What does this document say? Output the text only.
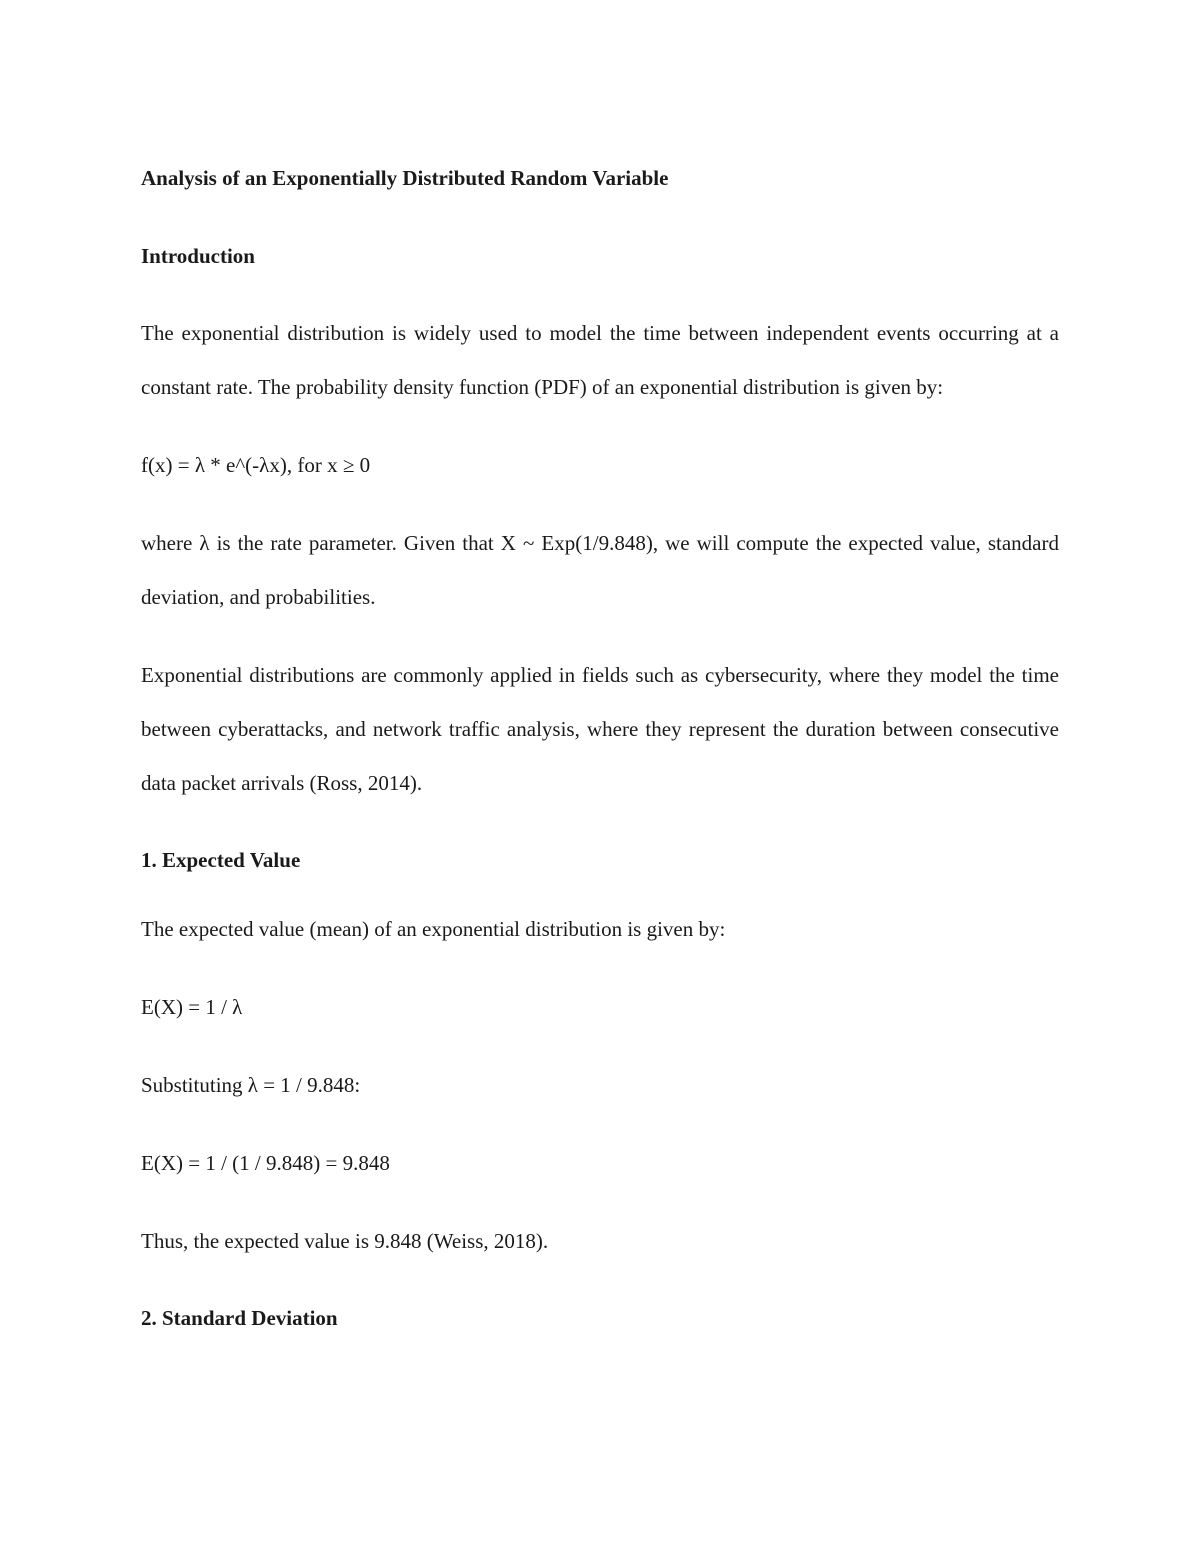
Analysis of an Exponentially Distributed Random Variable

Introduction

The exponential distribution is widely used to model the time between independent events occurring at a constant rate. The probability density function (PDF) of an exponential distribution is given by:

f(x) = λ * e^(-λx), for x ≥ 0

where λ is the rate parameter. Given that X ~ Exp(1/9.848), we will compute the expected value, standard deviation, and probabilities.

Exponential distributions are commonly applied in fields such as cybersecurity, where they model the time between cyberattacks, and network traffic analysis, where they represent the duration between consecutive data packet arrivals (Ross, 2014).

1. Expected Value

The expected value (mean) of an exponential distribution is given by:

E(X) = 1 / λ

Substituting λ = 1 / 9.848:

E(X) = 1 / (1 / 9.848) = 9.848

Thus, the expected value is 9.848 (Weiss, 2018).

2. Standard Deviation
